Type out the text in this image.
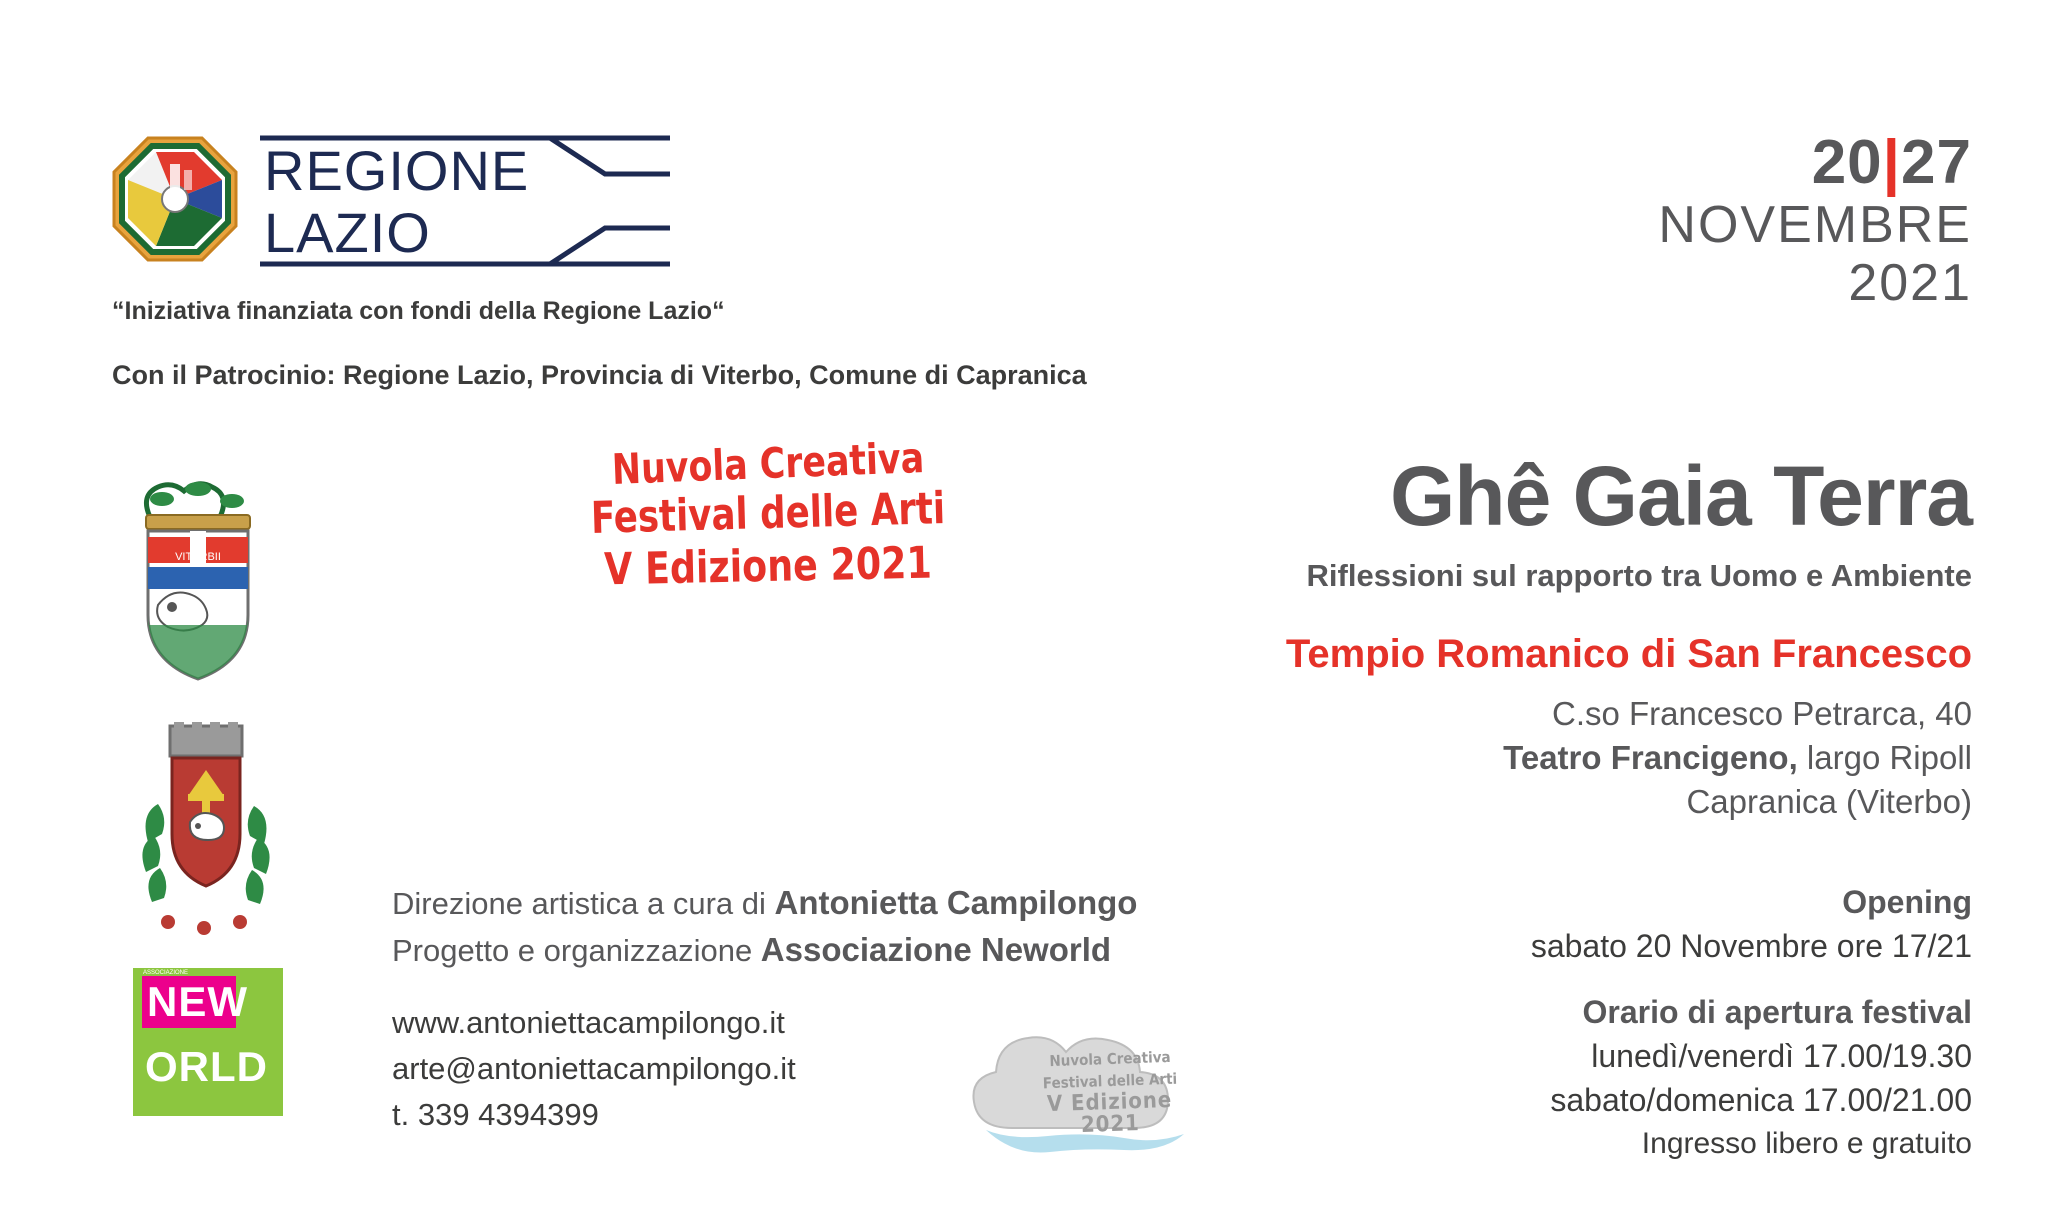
REGIONE
LAZIO
“Iniziativa finanziata con fondi della Regione Lazio“
Con il Patrocinio: Regione Lazio, Provincia di Viterbo, Comune di Capranica
20|27
NOVEMBRE
2021
VITERBII
ASSOCIAZIONE
NEW
ORLD
Nuvola Creativa
Festival delle Arti
V Edizione 2021
Ghê Gaia Terra
Riflessioni sul rapporto tra Uomo e Ambiente
Tempio Romanico di San Francesco
C.so Francesco Petrarca, 40
Teatro Francigeno, largo Ripoll
Capranica (Viterbo)
Direzione artistica a cura di Antonietta Campilongo
Progetto e organizzazione Associazione Neworld
www.antoniettacampilongo.it
arte@antoniettacampilongo.it
t. 339 4394399
Nuvola Creativa
Festival delle Arti
V Edizione 2021
Opening
sabato 20 Novembre ore 17/21
Orario di apertura festival
lunedì/venerdì 17.00/19.30
sabato/domenica 17.00/21.00
Ingresso libero e gratuito
